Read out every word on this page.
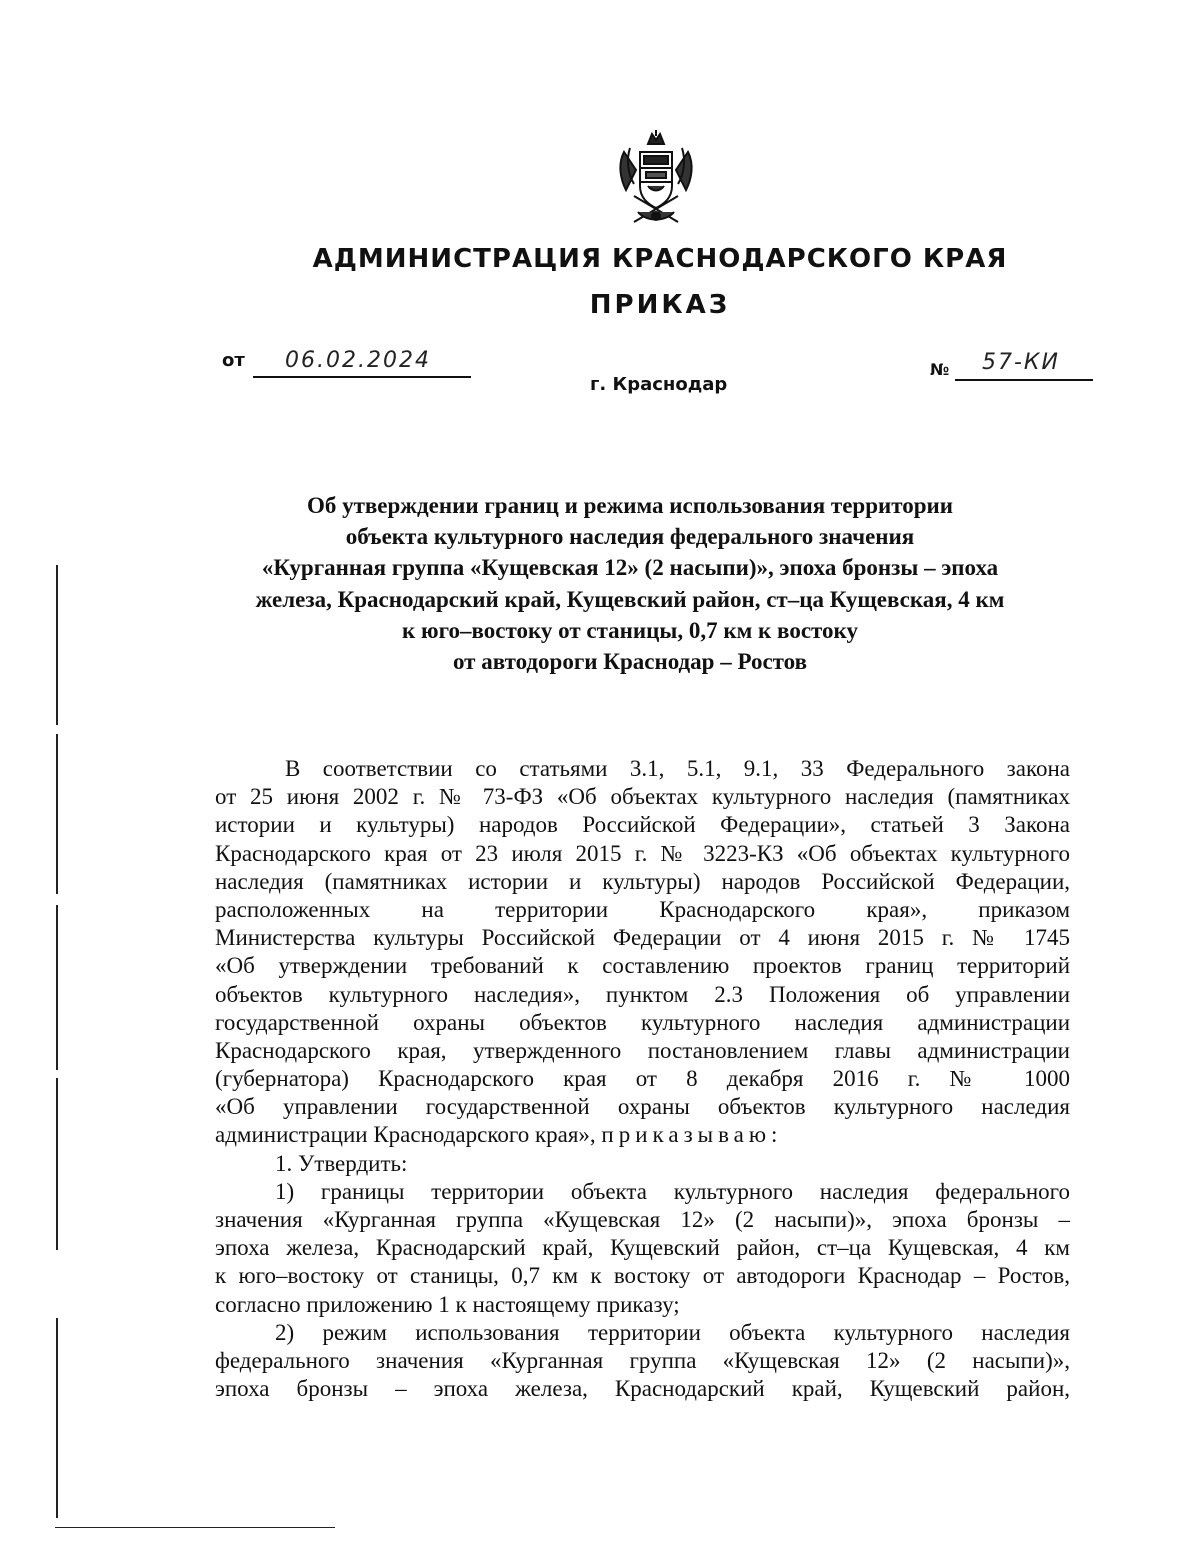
АДМИНИСТРАЦИЯ КРАСНОДАРСКОГО КРАЯ
ПРИКАЗ
от 06.02.2024	№ 57-КИ
г. Краснодар
Об утверждении границ и режима использования территории
объекта культурного наследия федерального значения
«Курганная группа «Кущевская 12» (2 насыпи)», эпоха бронзы – эпоха
железа, Краснодарский край, Кущевский район, ст–ца Кущевская, 4 км
к юго–востоку от станицы, 0,7 км к востоку
от автодороги Краснодар – Ростов
В соответствии со статьями 3.1, 5.1, 9.1, 33 Федерального закона
от 25 июня 2002 г. № 73-ФЗ «Об объектах культурного наследия (памятниках
истории и культуры) народов Российской Федерации», статьей 3 Закона
Краснодарского края от 23 июля 2015 г. № 3223-КЗ «Об объектах культурного
наследия (памятниках истории и культуры) народов Российской Федерации,
расположенных на территории Краснодарского края», приказом
Министерства культуры Российской Федерации от 4 июня 2015 г. № 1745
«Об утверждении требований к составлению проектов границ территорий
объектов культурного наследия», пунктом 2.3 Положения об управлении
государственной охраны объектов культурного наследия администрации
Краснодарского края, утвержденного постановлением главы администрации
(губернатора) Краснодарского края от 8 декабря 2016 г. № 1000
«Об управлении государственной охраны объектов культурного наследия
администрации Краснодарского края», приказываю:
1. Утвердить:
1) границы территории объекта культурного наследия федерального
значения «Курганная группа «Кущевская 12» (2 насыпи)», эпоха бронзы –
эпоха железа, Краснодарский край, Кущевский район, ст–ца Кущевская, 4 км
к юго–востоку от станицы, 0,7 км к востоку от автодороги Краснодар – Ростов,
согласно приложению 1 к настоящему приказу;
2) режим использования территории объекта культурного наследия
федерального значения «Курганная группа «Кущевская 12» (2 насыпи)»,
эпоха бронзы – эпоха железа, Краснодарский край, Кущевский район,
